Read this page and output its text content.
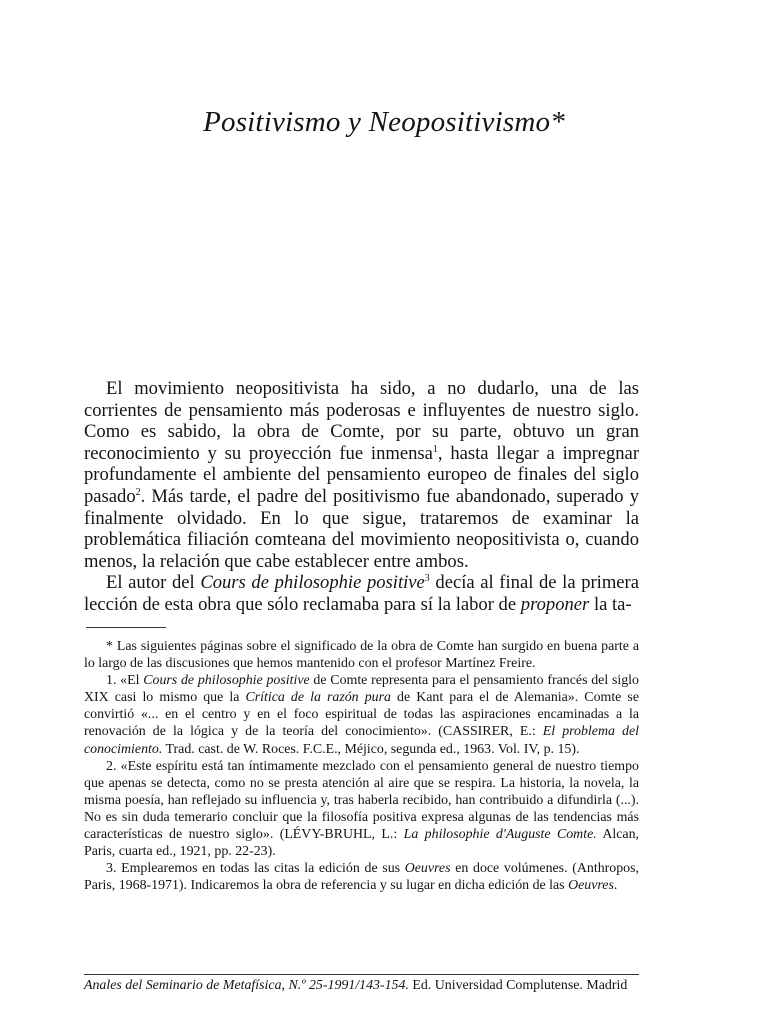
Positivismo y Neopositivismo*

El movimiento neopositivista ha sido, a no dudarlo, una de las corrientes de pensamiento más poderosas e influyentes de nuestro siglo. Como es sabido, la obra de Comte, por su parte, obtuvo un gran reconocimiento y su proyección fue inmensa$^1$, hasta llegar a impregnar profundamente el ambiente del pensamiento europeo de finales del siglo pasado$^2$. Más tarde, el padre del positivismo fue abandonado, superado y finalmente olvidado. En lo que sigue, trataremos de examinar la problemática filiación comteana del movimiento neopositivista o, cuando menos, la relación que cabe establecer entre ambos.

El autor del Cours de philosophie positive$^3$ decía al final de la primera lección de esta obra que sólo reclamaba para sí la labor de proponer la ta-

* Las siguientes páginas sobre el significado de la obra de Comte han surgido en buena parte a lo largo de las discusiones que hemos mantenido con el profesor Martínez Freire.

1. «El Cours de philosophie positive de Comte representa para el pensamiento francés del siglo XIX casi lo mismo que la Crítica de la razón pura de Kant para el de Alemania». Comte se convirtió «... en el centro y en el foco espiritual de todas las aspiraciones encaminadas a la renovación de la lógica y de la teoría del conocimiento». (CASSIRER, E.: El problema del conocimiento. Trad. cast. de W. Roces. F.C.E., Méjico, segunda ed., 1963. Vol. IV, p. 15).

2. «Este espíritu está tan íntimamente mezclado con el pensamiento general de nuestro tiempo que apenas se detecta, como no se presta atención al aire que se respira. La historia, la novela, la misma poesía, han reflejado su influencia y, tras haberla recibido, han contribuido a difundirla (...). No es sin duda temerario concluir que la filosofía positiva expresa algunas de las tendencias más características de nuestro siglo». (LÉVY-BRUHL, L.: La philosophie d'Auguste Comte. Alcan, Paris, cuarta ed., 1921, pp. 22-23).

3. Emplearemos en todas las citas la edición de sus Oeuvres en doce volúmenes. (Anthropos, Paris, 1968-1971). Indicaremos la obra de referencia y su lugar en dicha edición de las Oeuvres.

Anales del Seminario de Metafísica, N.º 25-1991/143-154. Ed. Universidad Complutense. Madrid
